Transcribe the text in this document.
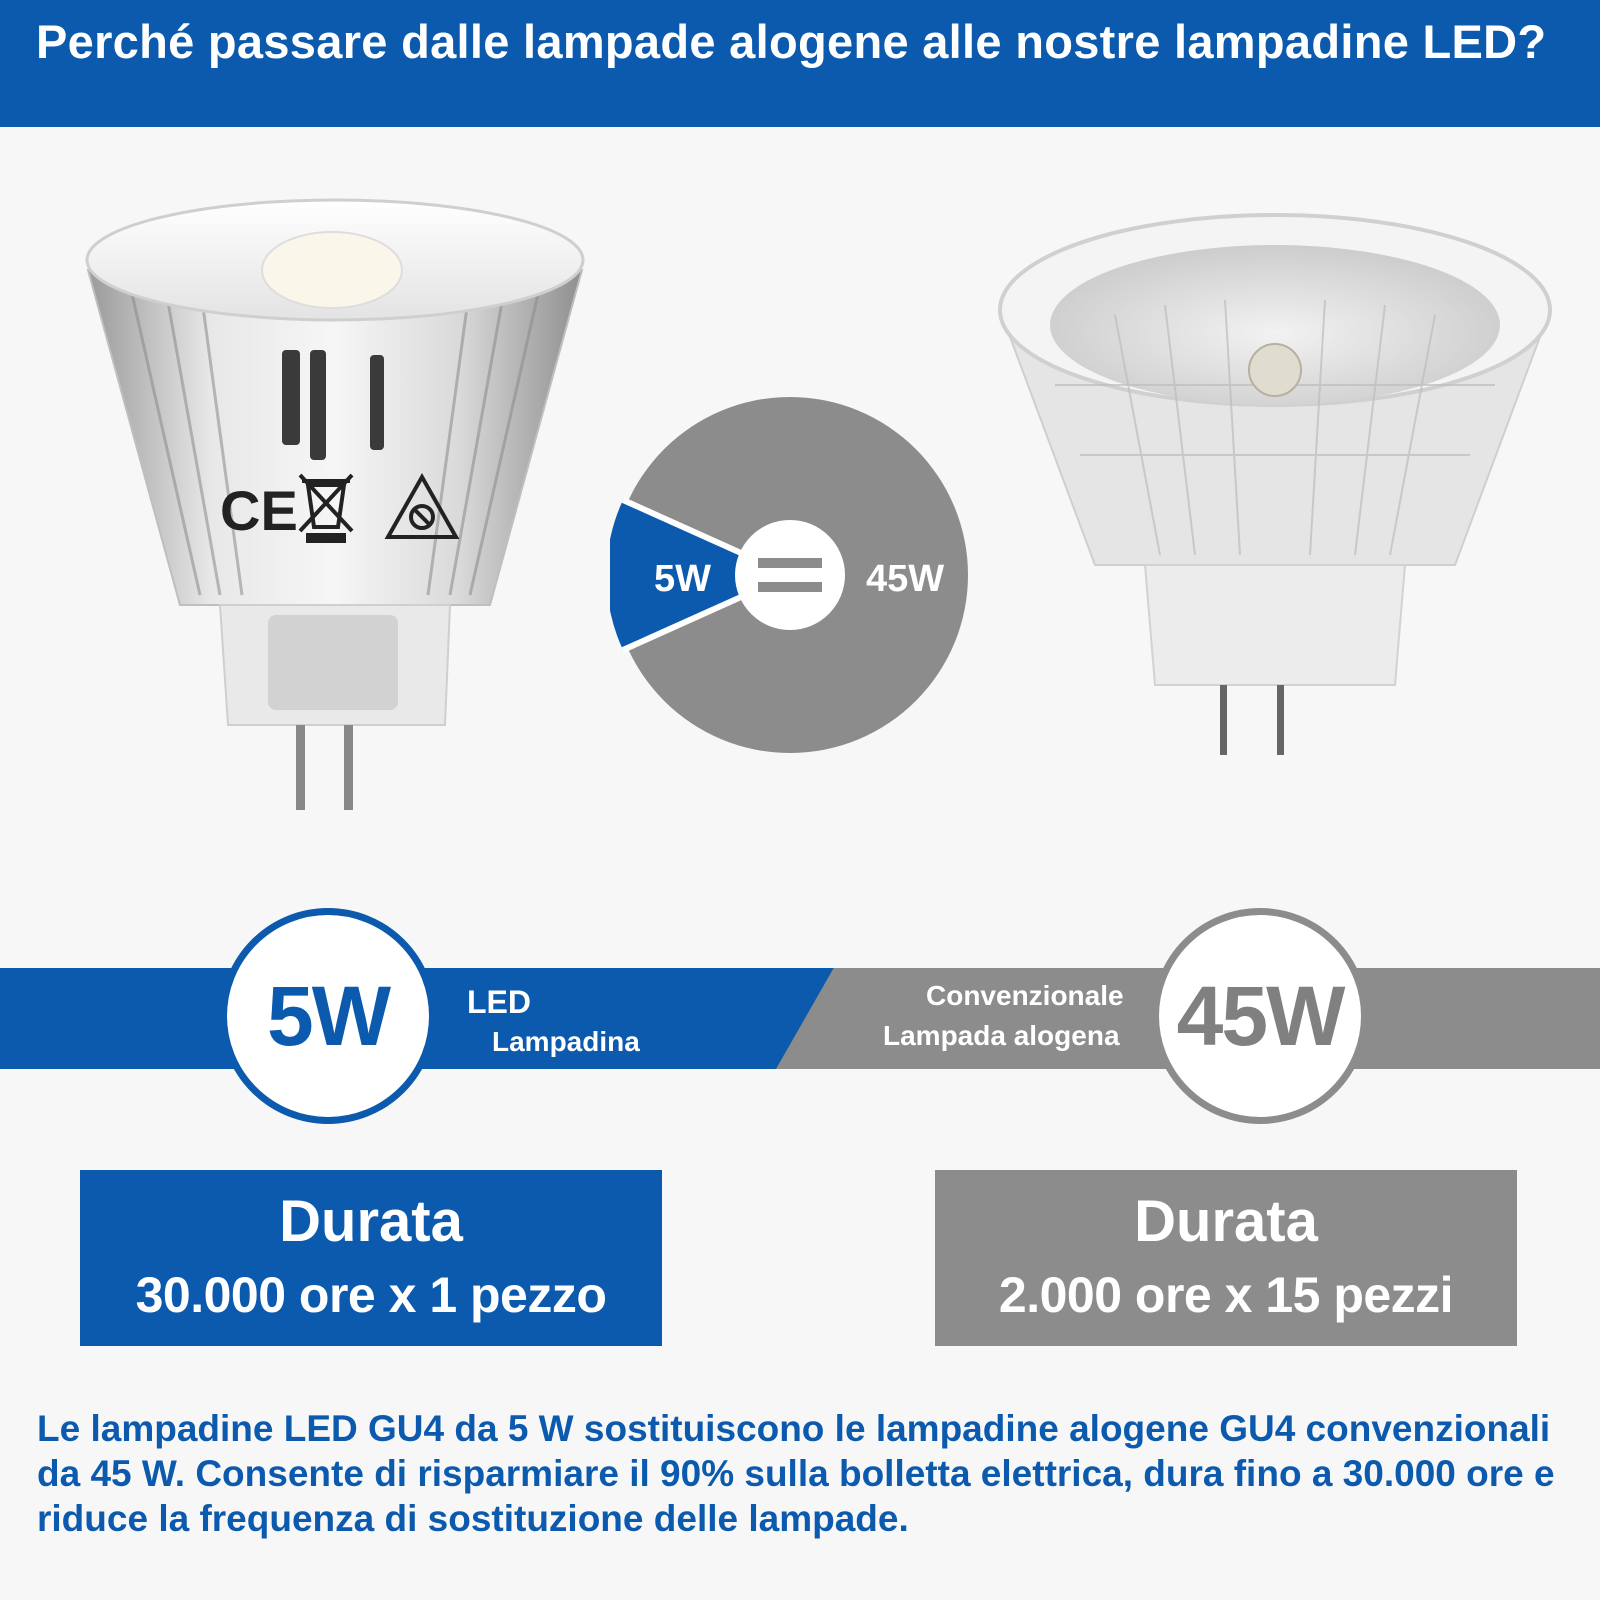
Perché passare dalle lampade alogene alle nostre lampadine LED?
CE
5W	45W
5W	45W
LED
Lampadina
Convenzionale
Lampada alogena
Durata
30.000 ore x 1 pezzo
Durata
2.000 ore x 15 pezzi
Le lampadine LED GU4 da 5 W sostituiscono le lampadine alogene GU4 convenzionali da 45 W. Consente di risparmiare il 90% sulla bolletta elettrica, dura fino a 30.000 ore e riduce la frequenza di sostituzione delle lampade.
